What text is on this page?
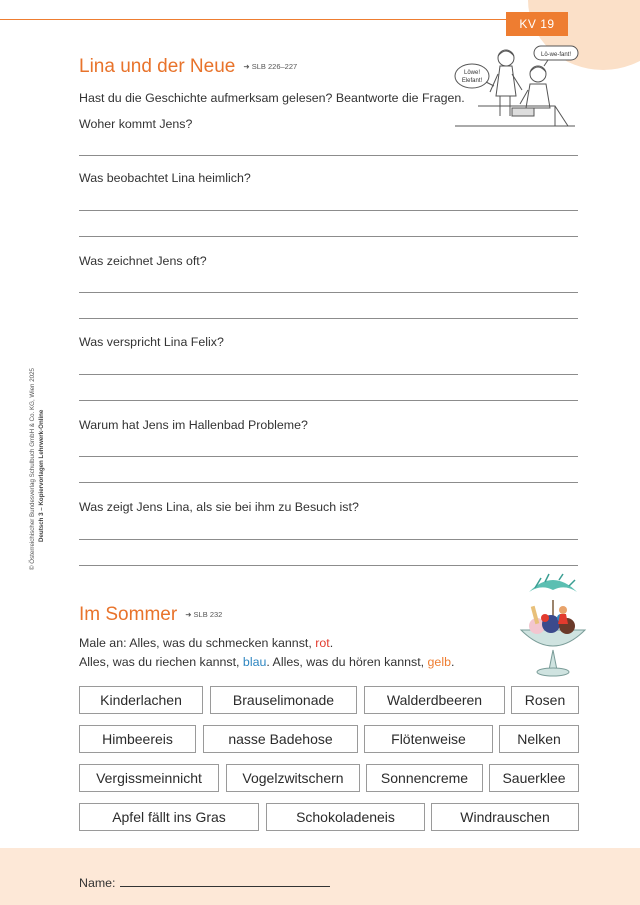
KV 19
© Österreichischer Bundesverlag Schulbuch GmbH & Co. KG, Wien 2025 Deutsch 3 – Kopiervorlagen Lehrwerk-Online
Lina und der Neue ➜ SLB 226–227
Hast du die Geschichte aufmerksam gelesen? Beantworte die Fragen.
Löwe!
Elefant!
Lö-we-fant!
Woher kommt Jens?
Was beobachtet Lina heimlich?
Was zeichnet Jens oft?
Was verspricht Lina Felix?
Warum hat Jens im Hallenbad Probleme?
Was zeigt Jens Lina, als sie bei ihm zu Besuch ist?
Im Sommer ➜ SLB 232
Male an: Alles, was du schmecken kannst, rot.
Alles, was du riechen kannst, blau. Alles, was du hören kannst, gelb.
Kinderlachen	Brauselimonade	Walderdbeeren	Rosen
Himbeereis	nasse Badehose	Flötenweise	Nelken
Vergissmeinnicht	Vogelzwitschern	Sonnencreme	Sauerklee
Apfel fällt ins Gras	Schokoladeneis	Windrauschen
Name:
